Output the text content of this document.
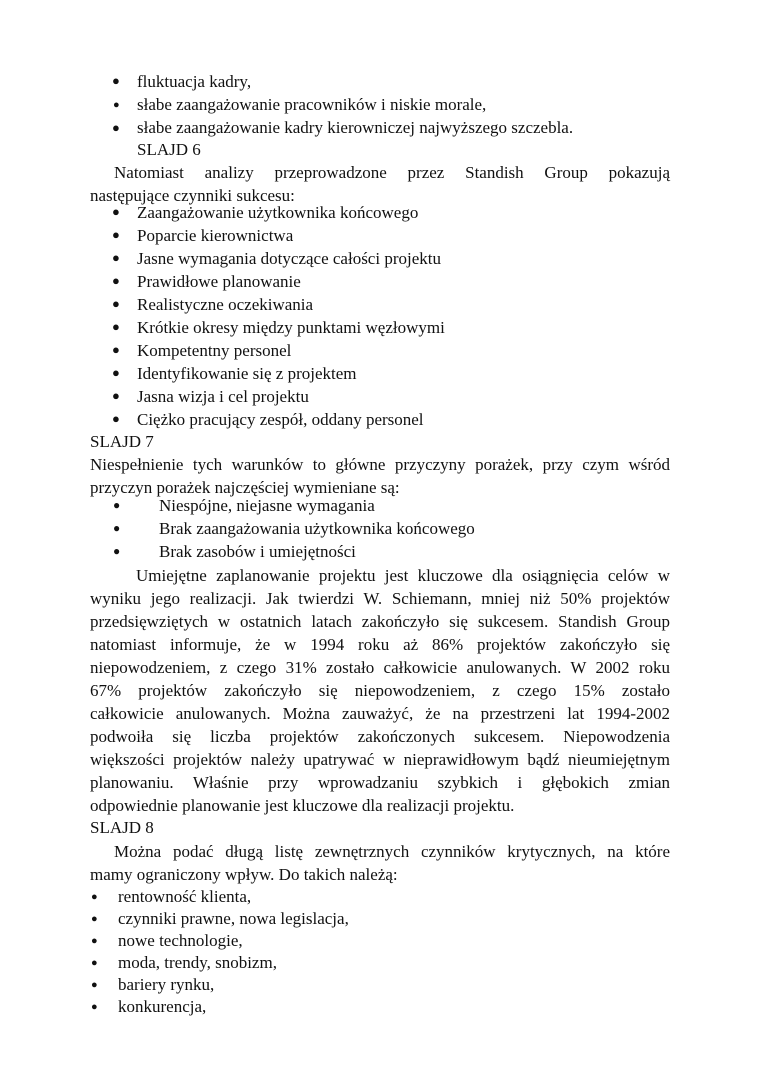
● fluktuacja kadry,
● słabe zaangażowanie pracowników i niskie morale,
● słabe zaangażowanie kadry kierowniczej najwyższego szczebla.
SLAJD 6
Natomiast analizy przeprowadzone przez Standish Group pokazują
następujące czynniki sukcesu:
● Zaangażowanie użytkownika końcowego
● Poparcie kierownictwa
● Jasne wymagania dotyczące całości projektu
● Prawidłowe planowanie
● Realistyczne oczekiwania
● Krótkie okresy między punktami węzłowymi
● Kompetentny personel
● Identyfikowanie się z projektem
● Jasna wizja i cel projektu
● Ciężko pracujący zespół, oddany personel
SLAJD 7
Niespełnienie tych warunków to główne przyczyny porażek, przy czym wśród
przyczyn porażek najczęściej wymieniane są:
● Niespójne, niejasne wymagania
● Brak zaangażowania użytkownika końcowego
● Brak zasobów i umiejętności
Umiejętne zaplanowanie projektu jest kluczowe dla osiągnięcia celów w
wyniku jego realizacji. Jak twierdzi W. Schiemann, mniej niż 50% projektów
przedsięwziętych w ostatnich latach zakończyło się sukcesem. Standish Group
natomiast informuje, że w 1994 roku aż 86% projektów zakończyło się
niepowodzeniem, z czego 31% zostało całkowicie anulowanych. W 2002 roku
67% projektów zakończyło się niepowodzeniem, z czego 15% zostało
całkowicie anulowanych. Można zauważyć, że na przestrzeni lat 1994-2002
podwoiła się liczba projektów zakończonych sukcesem. Niepowodzenia
większości projektów należy upatrywać w nieprawidłowym bądź nieumiejętnym
planowaniu. Właśnie przy wprowadzaniu szybkich i głębokich zmian
odpowiednie planowanie jest kluczowe dla realizacji projektu.
SLAJD 8
Można podać długą listę zewnętrznych czynników krytycznych, na które
mamy ograniczony wpływ. Do takich należą:
● rentowność klienta,
● czynniki prawne, nowa legislacja,
● nowe technologie,
● moda, trendy, snobizm,
● bariery rynku,
● konkurencja,
